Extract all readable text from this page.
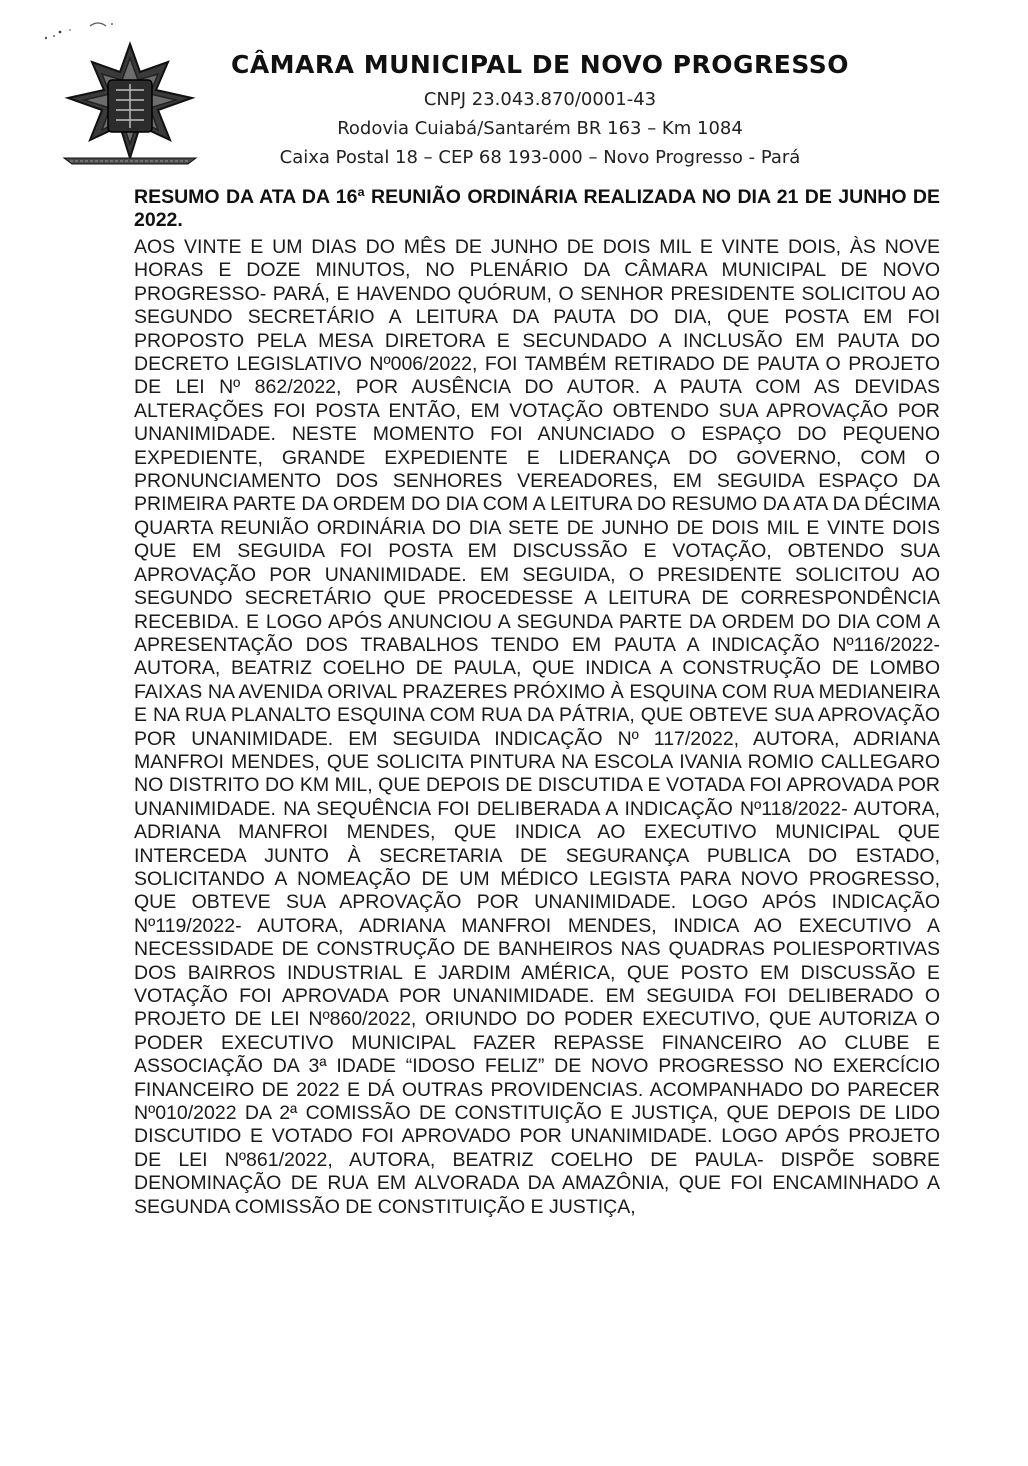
CÂMARA MUNICIPAL DE NOVO PROGRESSO

CNPJ 23.043.870/0001-43

Rodovia Cuiabá/Santarém BR 163 – Km 1084

Caixa Postal 18 – CEP 68 193-000 – Novo Progresso - Pará

RESUMO DA ATA DA 16ª REUNIÃO ORDINÁRIA REALIZADA NO DIA 21 DE JUNHO DE 2022.

AOS VINTE E UM DIAS DO MÊS DE JUNHO DE DOIS MIL E VINTE DOIS, ÀS NOVE HORAS E DOZE MINUTOS, NO PLENÁRIO DA CÂMARA MUNICIPAL DE NOVO PROGRESSO- PARÁ, E HAVENDO QUÓRUM, O SENHOR PRESIDENTE SOLICITOU AO SEGUNDO SECRETÁRIO A LEITURA DA PAUTA DO DIA, QUE POSTA EM FOI PROPOSTO PELA MESA DIRETORA E SECUNDADO A INCLUSÃO EM PAUTA DO DECRETO LEGISLATIVO Nº006/2022, FOI TAMBÉM RETIRADO DE PAUTA O PROJETO DE LEI Nº 862/2022, POR AUSÊNCIA DO AUTOR. A PAUTA COM AS DEVIDAS ALTERAÇÕES FOI POSTA ENTÃO, EM VOTAÇÃO OBTENDO SUA APROVAÇÃO POR UNANIMIDADE. NESTE MOMENTO FOI ANUNCIADO O ESPAÇO DO PEQUENO EXPEDIENTE, GRANDE EXPEDIENTE E LIDERANÇA DO GOVERNO, COM O PRONUNCIAMENTO DOS SENHORES VEREADORES, EM SEGUIDA ESPAÇO DA PRIMEIRA PARTE DA ORDEM DO DIA COM A LEITURA DO RESUMO DA ATA DA DÉCIMA QUARTA REUNIÃO ORDINÁRIA DO DIA SETE DE JUNHO DE DOIS MIL E VINTE DOIS QUE EM SEGUIDA FOI POSTA EM DISCUSSÃO E VOTAÇÃO, OBTENDO SUA APROVAÇÃO POR UNANIMIDADE. EM SEGUIDA, O PRESIDENTE SOLICITOU AO SEGUNDO SECRETÁRIO QUE PROCEDESSE A LEITURA DE CORRESPONDÊNCIA RECEBIDA. E LOGO APÓS ANUNCIOU A SEGUNDA PARTE DA ORDEM DO DIA COM A APRESENTAÇÃO DOS TRABALHOS TENDO EM PAUTA A INDICAÇÃO Nº116/2022- AUTORA, BEATRIZ COELHO DE PAULA, QUE INDICA A CONSTRUÇÃO DE LOMBO FAIXAS NA AVENIDA ORIVAL PRAZERES PRÓXIMO À ESQUINA COM RUA MEDIANEIRA E NA RUA PLANALTO ESQUINA COM RUA DA PÁTRIA, QUE OBTEVE SUA APROVAÇÃO POR UNANIMIDADE. EM SEGUIDA INDICAÇÃO Nº 117/2022, AUTORA, ADRIANA MANFROI MENDES, QUE SOLICITA PINTURA NA ESCOLA IVANIA ROMIO CALLEGARO NO DISTRITO DO KM MIL, QUE DEPOIS DE DISCUTIDA E VOTADA FOI APROVADA POR UNANIMIDADE. NA SEQUÊNCIA FOI DELIBERADA A INDICAÇÃO Nº118/2022- AUTORA, ADRIANA MANFROI MENDES, QUE INDICA AO EXECUTIVO MUNICIPAL QUE INTERCEDA JUNTO À SECRETARIA DE SEGURANÇA PUBLICA DO ESTADO, SOLICITANDO A NOMEAÇÃO DE UM MÉDICO LEGISTA PARA NOVO PROGRESSO, QUE OBTEVE SUA APROVAÇÃO POR UNANIMIDADE. LOGO APÓS INDICAÇÃO Nº119/2022- AUTORA, ADRIANA MANFROI MENDES, INDICA AO EXECUTIVO A NECESSIDADE DE CONSTRUÇÃO DE BANHEIROS NAS QUADRAS POLIESPORTIVAS DOS BAIRROS INDUSTRIAL E JARDIM AMÉRICA, QUE POSTO EM DISCUSSÃO E VOTAÇÃO FOI APROVADA POR UNANIMIDADE. EM SEGUIDA FOI DELIBERADO O PROJETO DE LEI Nº860/2022, ORIUNDO DO PODER EXECUTIVO, QUE AUTORIZA O PODER EXECUTIVO MUNICIPAL FAZER REPASSE FINANCEIRO AO CLUBE E ASSOCIAÇÃO DA 3ª IDADE “IDOSO FELIZ” DE NOVO PROGRESSO NO EXERCÍCIO FINANCEIRO DE 2022 E DÁ OUTRAS PROVIDENCIAS. ACOMPANHADO DO PARECER Nº010/2022 DA 2ª COMISSÃO DE CONSTITUIÇÃO E JUSTIÇA, QUE DEPOIS DE LIDO DISCUTIDO E VOTADO FOI APROVADO POR UNANIMIDADE. LOGO APÓS PROJETO DE LEI Nº861/2022, AUTORA, BEATRIZ COELHO DE PAULA- DISPÕE SOBRE DENOMINAÇÃO DE RUA EM ALVORADA DA AMAZÔNIA, QUE FOI ENCAMINHADO A SEGUNDA COMISSÃO DE CONSTITUIÇÃO E JUSTIÇA,
